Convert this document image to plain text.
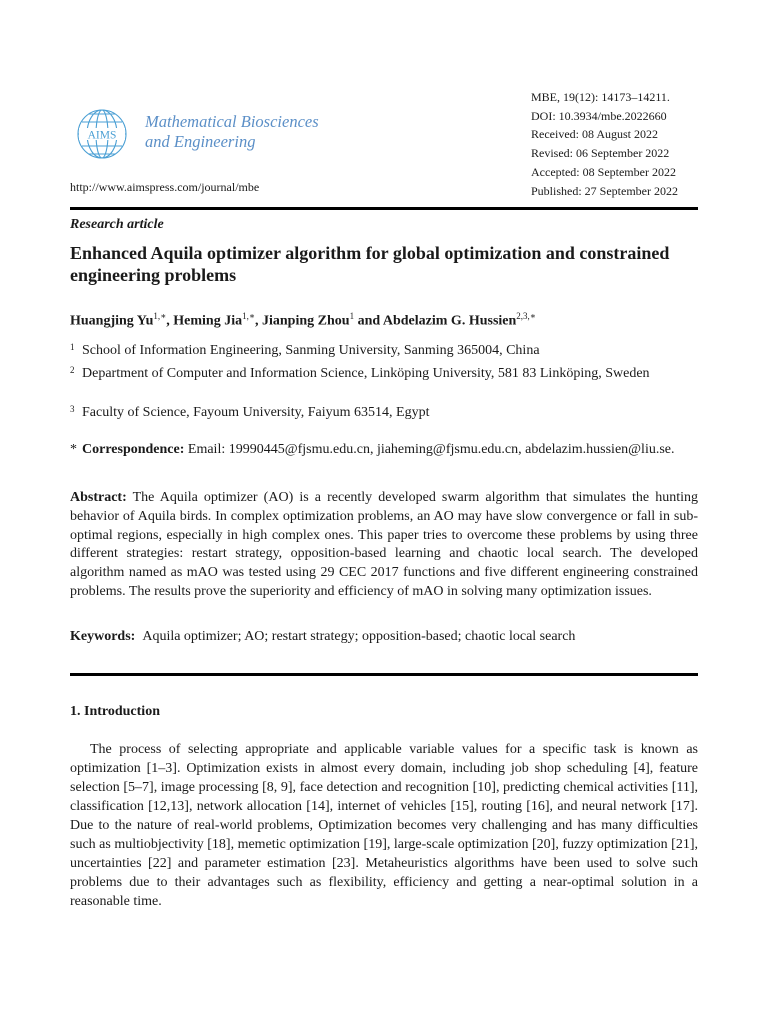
AIMS
Mathematical Biosciences
and Engineering
http://www.aimspress.com/journal/mbe
MBE, 19(12): 14173–14211.
DOI: 10.3934/mbe.2022660
Received: 08 August 2022
Revised: 06 September 2022
Accepted: 08 September 2022
Published: 27 September 2022
Research article
Enhanced Aquila optimizer algorithm for global optimization and constrained engineering problems
Huangjing $Yu^{1,∗}$, Heming Jia$^{1,∗}$, Jianping Zhou$^1$ and Abdelazim G. Hussien$^{2,3,∗}$
1 School of Information Engineering, Sanming University, Sanming 365004, China
2 Department of Computer and Information Science, Linköping University, 581 83 Linköping, Sweden
3 Faculty of Science, Fayoum University, Faiyum 63514, Egypt
* Correspondence: Email: 19990445@fjsmu.edu.cn, jiaheming@fjsmu.edu.cn, abdelazim.hussien@liu.se.
Abstract: The Aquila optimizer (AO) is a recently developed swarm algorithm that simulates the hunting behavior of Aquila birds. In complex optimization problems, an AO may have slow convergence or fall in sub-optimal regions, especially in high complex ones. This paper tries to overcome these problems by using three different strategies: restart strategy, opposition-based learning and chaotic local search. The developed algorithm named as mAO was tested using 29 CEC 2017 functions and five different engineering constrained problems. The results prove the superiority and efficiency of mAO in solving many optimization issues.
Keywords: Aquila optimizer; AO; restart strategy; opposition-based; chaotic local search
1. Introduction
The process of selecting appropriate and applicable variable values for a specific task is known as optimization [1–3]. Optimization exists in almost every domain, including job shop scheduling [4], feature selection [5–7], image processing [8, 9], face detection and recognition [10], predicting chemical activities [11], classification [12,13], network allocation [14], internet of vehicles [15], routing [16], and neural network [17]. Due to the nature of real-world problems, Optimization becomes very challenging and has many difficulties such as multiobjectivity [18], memetic optimization [19], large-scale optimization [20], fuzzy optimization [21], uncertainties [22] and parameter estimation [23]. Metaheuristics algorithms have been used to solve such problems due to their advantages such as flexibility, efficiency and getting a near-optimal solution in a reasonable time.
